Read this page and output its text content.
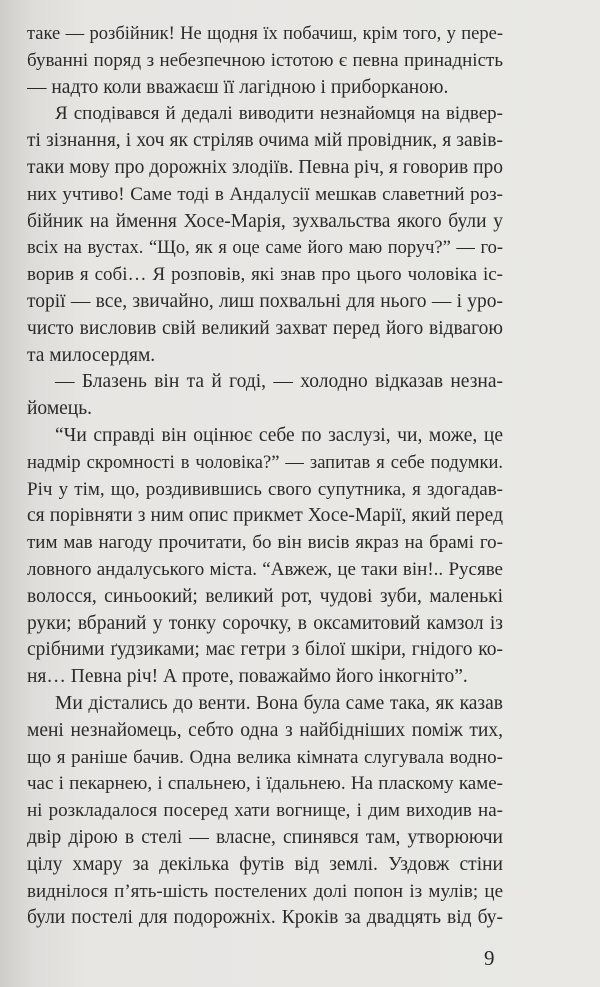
таке — розбійник! Не щодня їх побачиш, крім того, у пере-
буванні поряд з небезпечною істотою є певна принадність
— надто коли вважаєш її лагідною і приборканою.
Я сподівався й дедалі виводити незнайомця на відвер-
ті зізнання, і хоч як стріляв очима мій провідник, я завів-
таки мову про дорожніх злодіїв. Певна річ, я говорив про
них учтиво! Саме тоді в Андалусії мешкав славетний роз-
бійник на ймення Хосе-Марія, зухвальства якого були у
всіх на вустах. “Що, як я оце саме його маю поруч?” — го-
ворив я собі… Я розповів, які знав про цього чоловіка іс-
торії — все, звичайно, лиш похвальні для нього — і уро-
чисто висловив свій великий захват перед його відвагою
та милосердям.
— Блазень він та й годі, — холодно відказав незна-
йомець.
“Чи справді він оцінює себе по заслузі, чи, може, це
надмір скромності в чоловіка?” — запитав я себе подумки.
Річ у тім, що, роздивившись свого супутника, я здогадав-
ся порівняти з ним опис прикмет Хосе-Марії, який перед
тим мав нагоду прочитати, бо він висів якраз на брамі го-
ловного андалуського міста. “Авжеж, це таки він!.. Русяве
волосся, синьоокий; великий рот, чудові зуби, маленькі
руки; вбраний у тонку сорочку, в оксамитовий камзол із
срібними ґудзиками; має гетри з білої шкіри, гнідого ко-
ня… Певна річ! А проте, поважаймо його інкогніто”.
Ми дістались до венти. Вона була саме така, як казав
мені незнайомець, себто одна з найбідніших поміж тих,
що я раніше бачив. Одна велика кімната слугувала водно-
час і пекарнею, і спальнею, і їдальнею. На пласкому каме-
ні розкладалося посеред хати вогнище, і дим виходив на-
двір дірою в стелі — власне, спинявся там, утворюючи
цілу хмару за декілька футів від землі. Уздовж стіни
виднілося п’ять-шість постелених долі попон із мулів; це
були постелі для подорожніх. Кроків за двадцять від бу-
9
